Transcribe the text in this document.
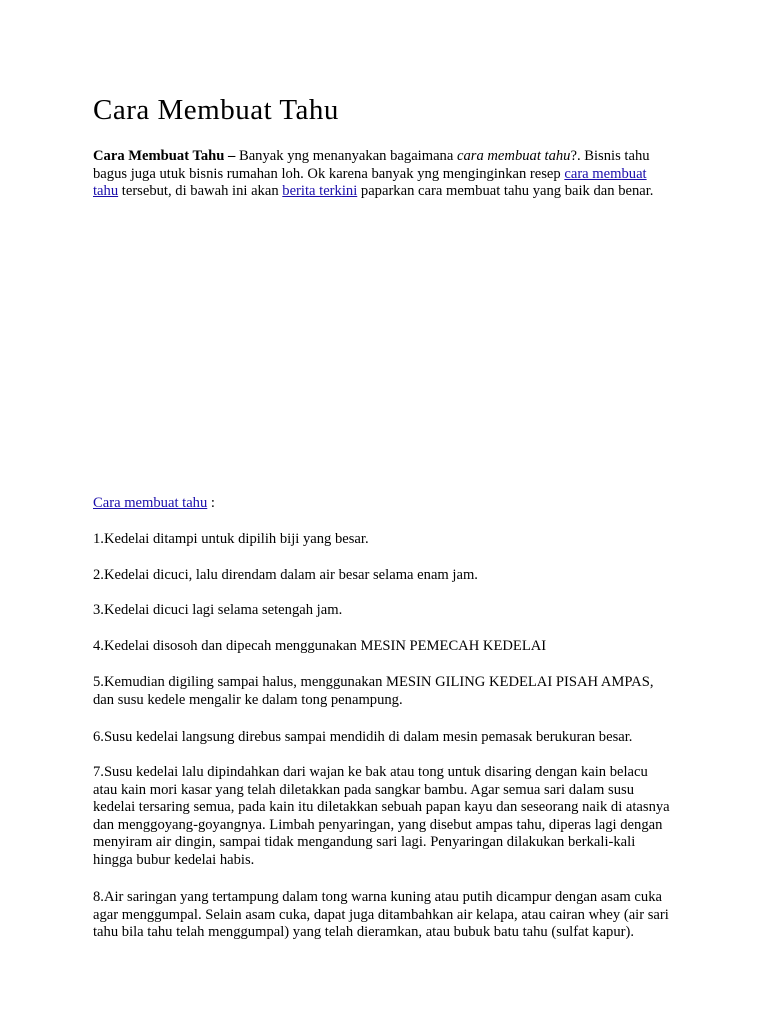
Cara Membuat Tahu

Cara Membuat Tahu – Banyak yng menanyakan bagaimana cara membuat tahu?. Bisnis tahu bagus juga utuk bisnis rumahan loh. Ok karena banyak yng menginginkan resep cara membuat tahu tersebut, di bawah ini akan berita terkini paparkan cara membuat tahu yang baik dan benar.

Cara membuat tahu :

1.Kedelai ditampi untuk dipilih biji yang besar.

2.Kedelai dicuci, lalu direndam dalam air besar selama enam jam.

3.Kedelai dicuci lagi selama setengah jam.

4.Kedelai disosoh dan dipecah menggunakan MESIN PEMECAH KEDELAI

5.Kemudian digiling sampai halus, menggunakan MESIN GILING KEDELAI PISAH AMPAS, dan susu kedele mengalir ke dalam tong penampung.

6.Susu kedelai langsung direbus sampai mendidih di dalam mesin pemasak berukuran besar.

7.Susu kedelai lalu dipindahkan dari wajan ke bak atau tong untuk disaring dengan kain belacu atau kain mori kasar yang telah diletakkan pada sangkar bambu. Agar semua sari dalam susu kedelai tersaring semua, pada kain itu diletakkan sebuah papan kayu dan seseorang naik di atasnya dan menggoyang-goyangnya. Limbah penyaringan, yang disebut ampas tahu, diperas lagi dengan menyiram air dingin, sampai tidak mengandung sari lagi. Penyaringan dilakukan berkali-kali hingga bubur kedelai habis.

8.Air saringan yang tertampung dalam tong warna kuning atau putih dicampur dengan asam cuka agar menggumpal. Selain asam cuka, dapat juga ditambahkan air kelapa, atau cairan whey (air sari tahu bila tahu telah menggumpal) yang telah dieramkan, atau bubuk batu tahu (sulfat kapur).
